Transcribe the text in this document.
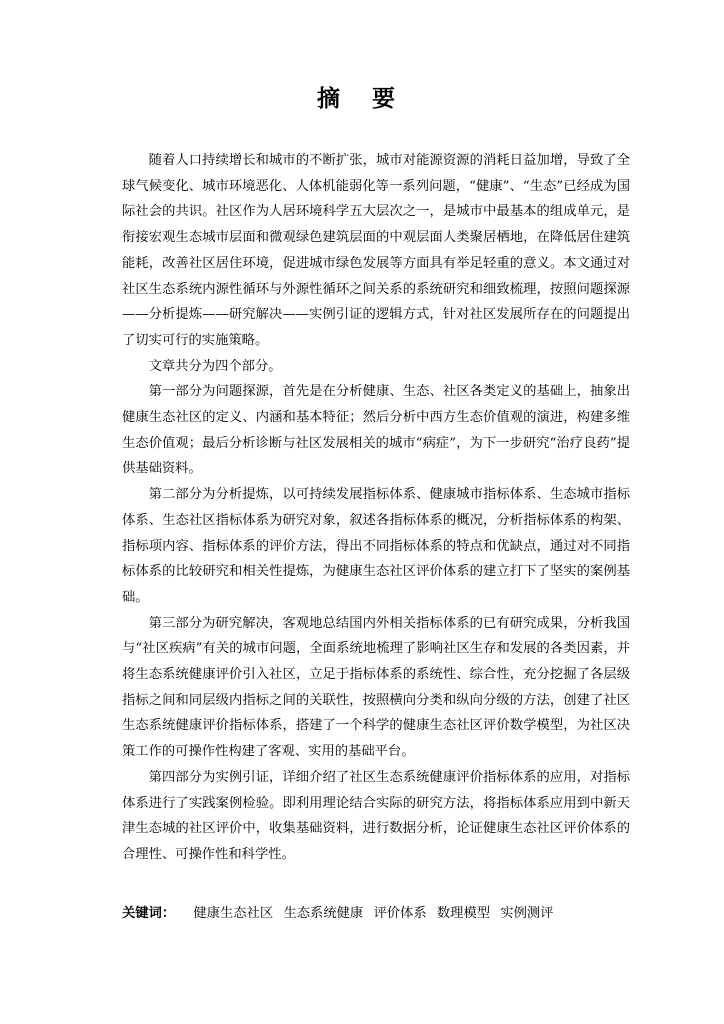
摘 要

随着人口持续增长和城市的不断扩张，城市对能源资源的消耗日益加增，导致了全球气候变化、城市环境恶化、人体机能弱化等一系列问题，“健康”、“生态”已经成为国际社会的共识。社区作为人居环境科学五大层次之一，是城市中最基本的组成单元，是衔接宏观生态城市层面和微观绿色建筑层面的中观层面人类聚居栖地，在降低居住建筑能耗，改善社区居住环境，促进城市绿色发展等方面具有举足轻重的意义。本文通过对社区生态系统内源性循环与外源性循环之间关系的系统研究和细致梳理，按照问题探源——分析提炼——研究解决——实例引证的逻辑方式，针对社区发展所存在的问题提出了切实可行的实施策略。

文章共分为四个部分。

第一部分为问题探源，首先是在分析健康、生态、社区各类定义的基础上，抽象出健康生态社区的定义、内涵和基本特征；然后分析中西方生态价值观的演进，构建多维生态价值观；最后分析诊断与社区发展相关的城市“病症”，为下一步研究“治疗良药”提供基础资料。

第二部分为分析提炼，以可持续发展指标体系、健康城市指标体系、生态城市指标体系、生态社区指标体系为研究对象，叙述各指标体系的概况，分析指标体系的构架、指标项内容、指标体系的评价方法，得出不同指标体系的特点和优缺点，通过对不同指标体系的比较研究和相关性提炼，为健康生态社区评价体系的建立打下了坚实的案例基础。

第三部分为研究解决，客观地总结国内外相关指标体系的已有研究成果，分析我国与“社区疾病”有关的城市问题，全面系统地梳理了影响社区生存和发展的各类因素，并将生态系统健康评价引入社区，立足于指标体系的系统性、综合性，充分挖掘了各层级指标之间和同层级内指标之间的关联性，按照横向分类和纵向分级的方法，创建了社区生态系统健康评价指标体系，搭建了一个科学的健康生态社区评价数学模型，为社区决策工作的可操作性构建了客观、实用的基础平台。

第四部分为实例引证，详细介绍了社区生态系统健康评价指标体系的应用，对指标体系进行了实践案例检验。即利用理论结合实际的研究方法，将指标体系应用到中新天津生态城的社区评价中，收集基础资料，进行数据分析，论证健康生态社区评价体系的合理性、可操作性和科学性。

关键词： 健康生态社区 生态系统健康 评价体系 数理模型 实例测评
